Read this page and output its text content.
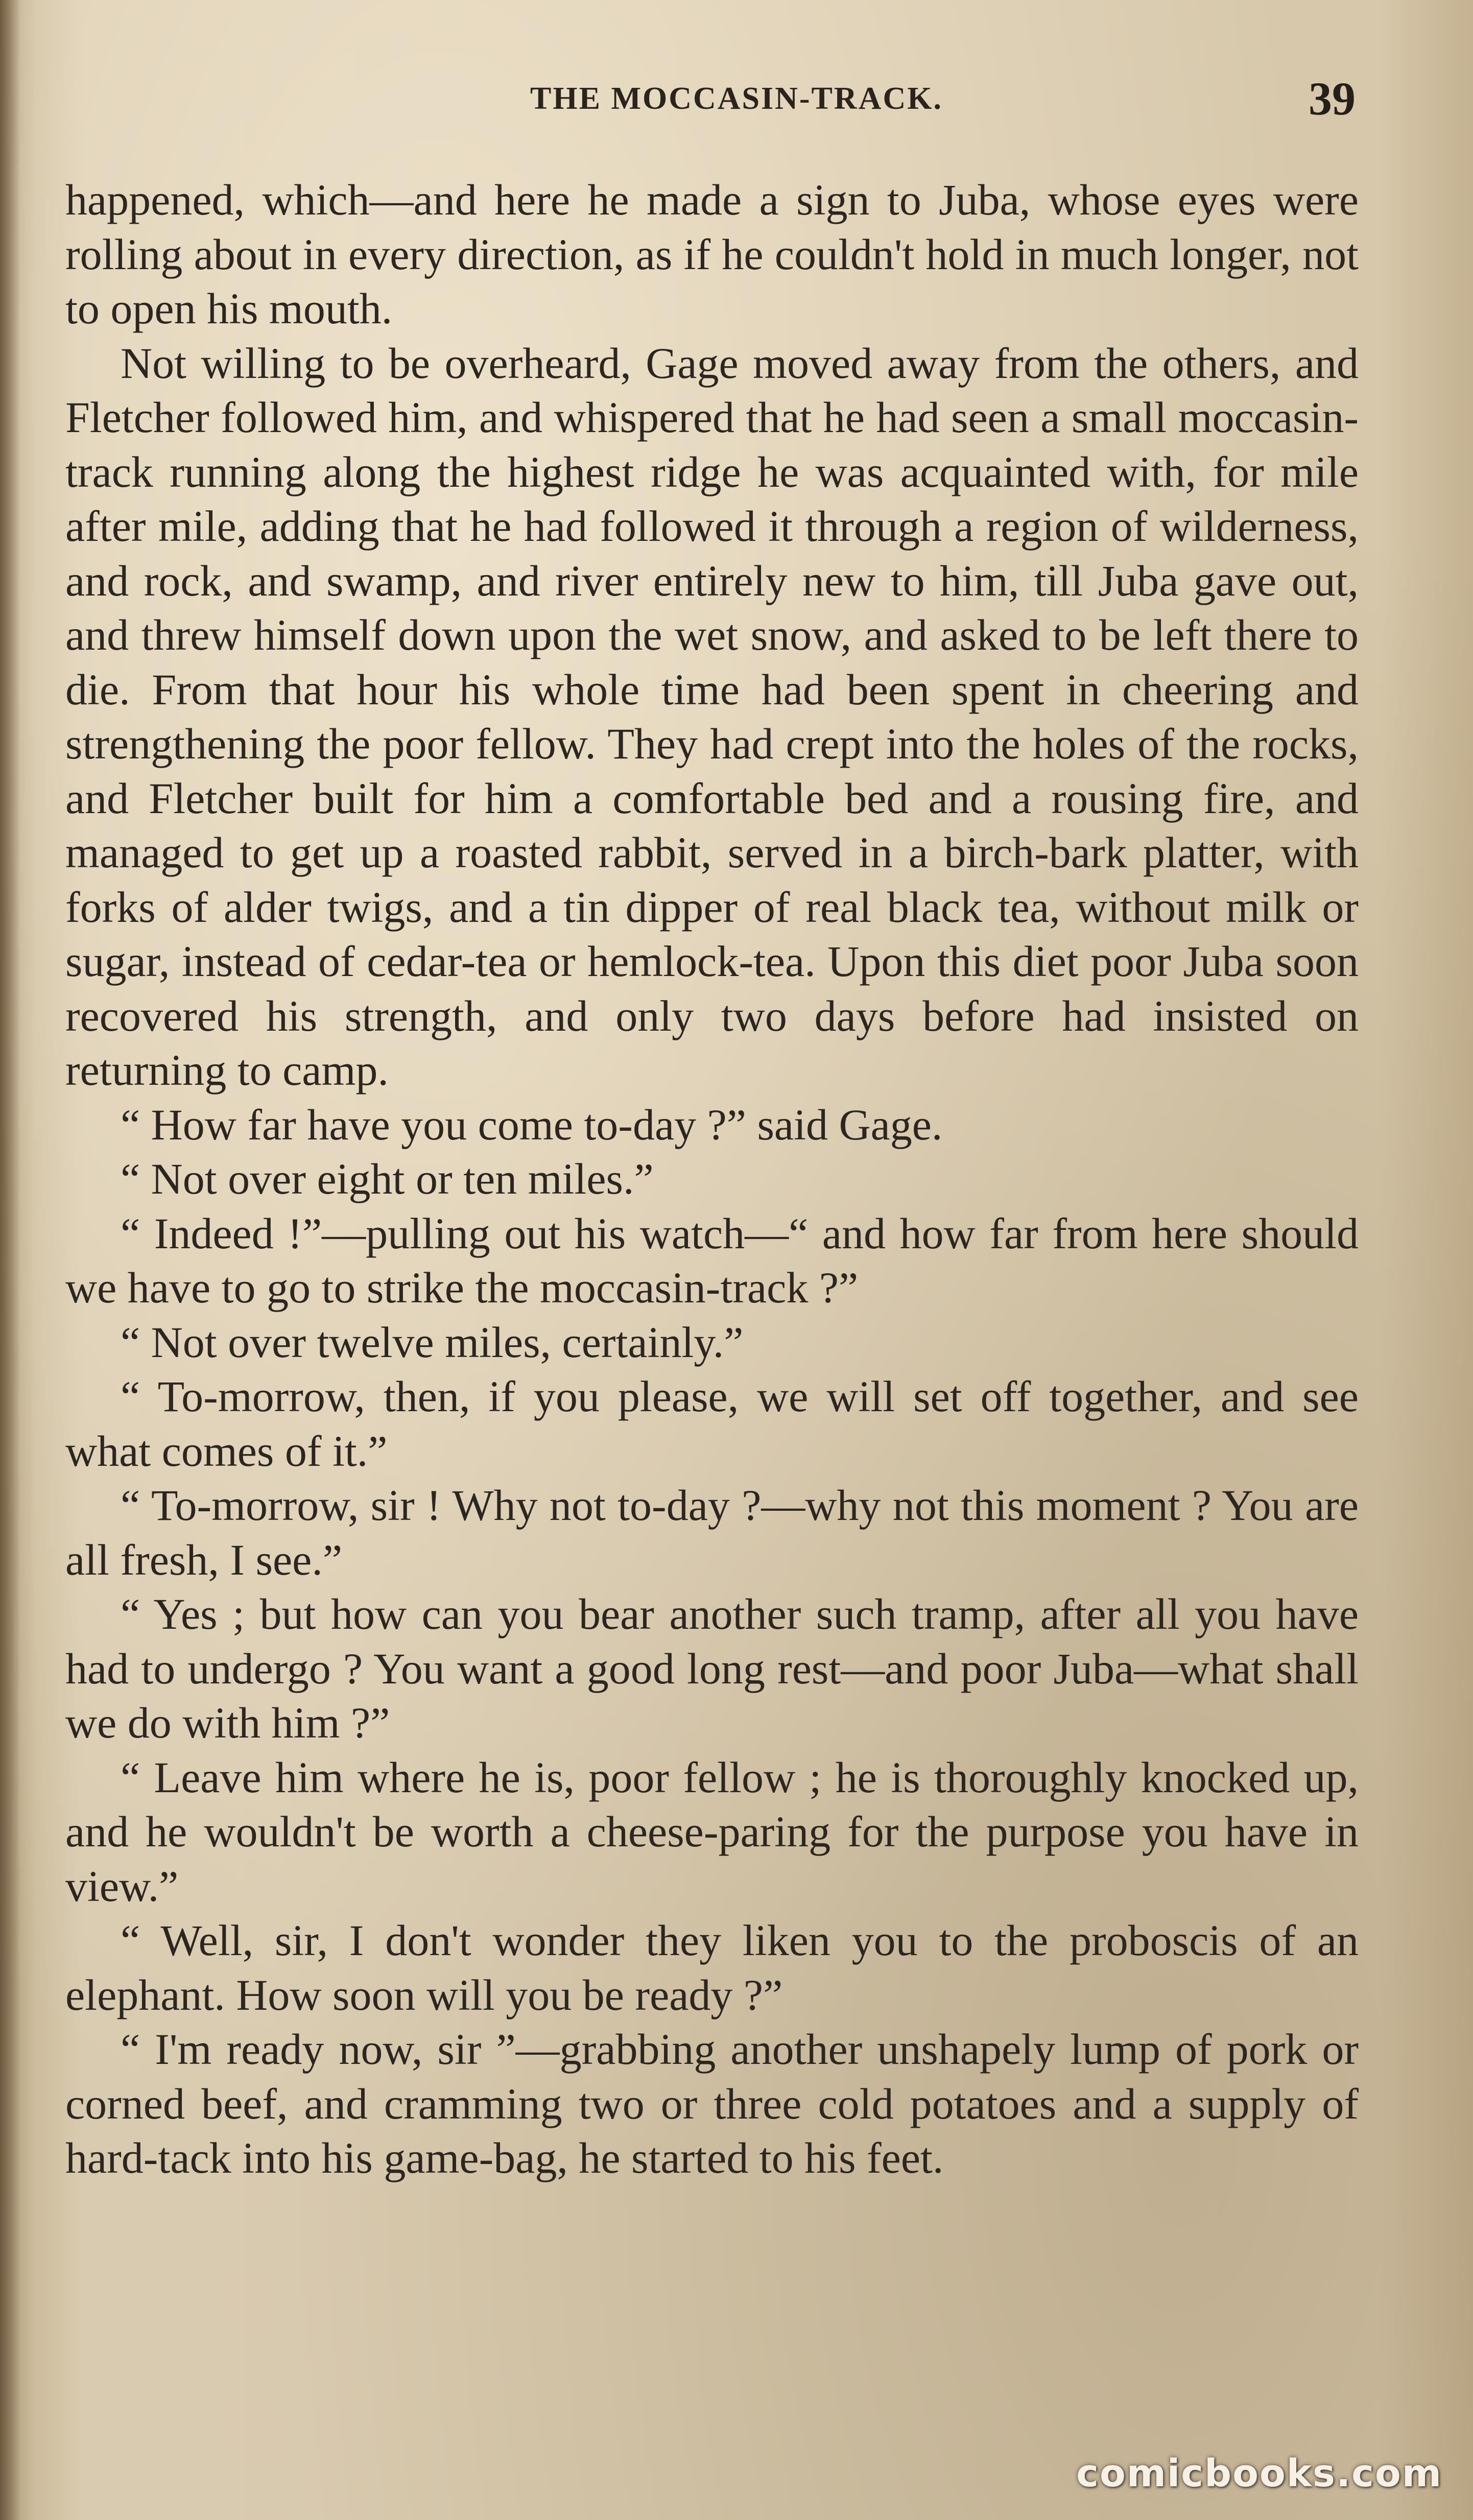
THE MOCCASIN-TRACK.	39

happened, which—and here he made a sign to Juba, whose eyes were rolling about in every direction, as if he couldn't hold in much longer, not to open his mouth.

Not willing to be overheard, Gage moved away from the others, and Fletcher followed him, and whispered that he had seen a small moccasin-track running along the highest ridge he was acquainted with, for mile after mile, adding that he had followed it through a region of wilderness, and rock, and swamp, and river entirely new to him, till Juba gave out, and threw himself down upon the wet snow, and asked to be left there to die. From that hour his whole time had been spent in cheering and strengthening the poor fellow. They had crept into the holes of the rocks, and Fletcher built for him a comfortable bed and a rousing fire, and managed to get up a roasted rabbit, served in a birch-bark platter, with forks of alder twigs, and a tin dipper of real black tea, without milk or sugar, instead of cedar-tea or hemlock-tea. Upon this diet poor Juba soon recovered his strength, and only two days before had insisted on returning to camp.

“ How far have you come to-day ?” said Gage.

“ Not over eight or ten miles.”

“ Indeed !”—pulling out his watch—“ and how far from here should we have to go to strike the moccasin-track ?”

“ Not over twelve miles, certainly.”

“ To-morrow, then, if you please, we will set off together, and see what comes of it.”

“ To-morrow, sir ! Why not to-day ?—why not this moment ? You are all fresh, I see.”

“ Yes ; but how can you bear another such tramp, after all you have had to undergo ? You want a good long rest—and poor Juba—what shall we do with him ?”

“ Leave him where he is, poor fellow ; he is thoroughly knocked up, and he wouldn't be worth a cheese-paring for the purpose you have in view.”

“ Well, sir, I don't wonder they liken you to the proboscis of an elephant. How soon will you be ready ?”

“ I'm ready now, sir ”—grabbing another unshapely lump of pork or corned beef, and cramming two or three cold potatoes and a supply of hard-tack into his game-bag, he started to his feet.

comicbooks.com
